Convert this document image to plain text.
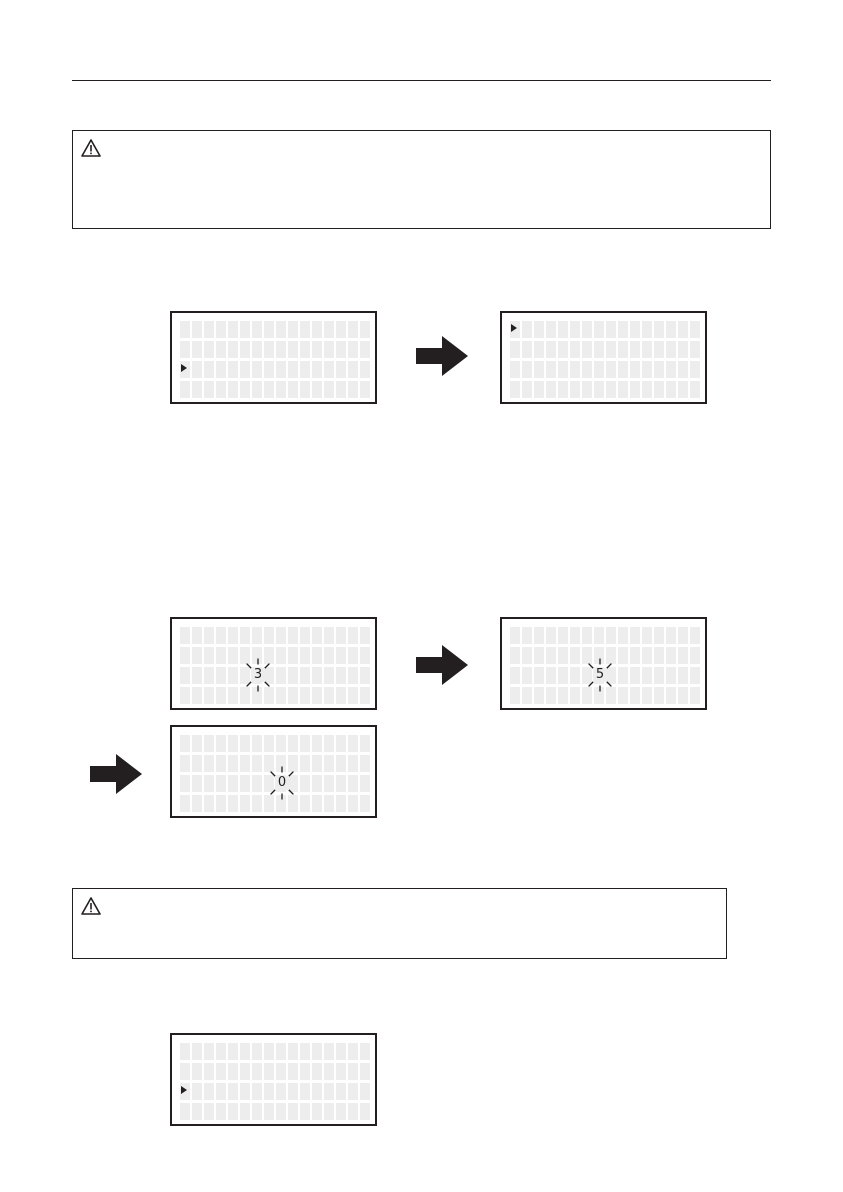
3	5
0
